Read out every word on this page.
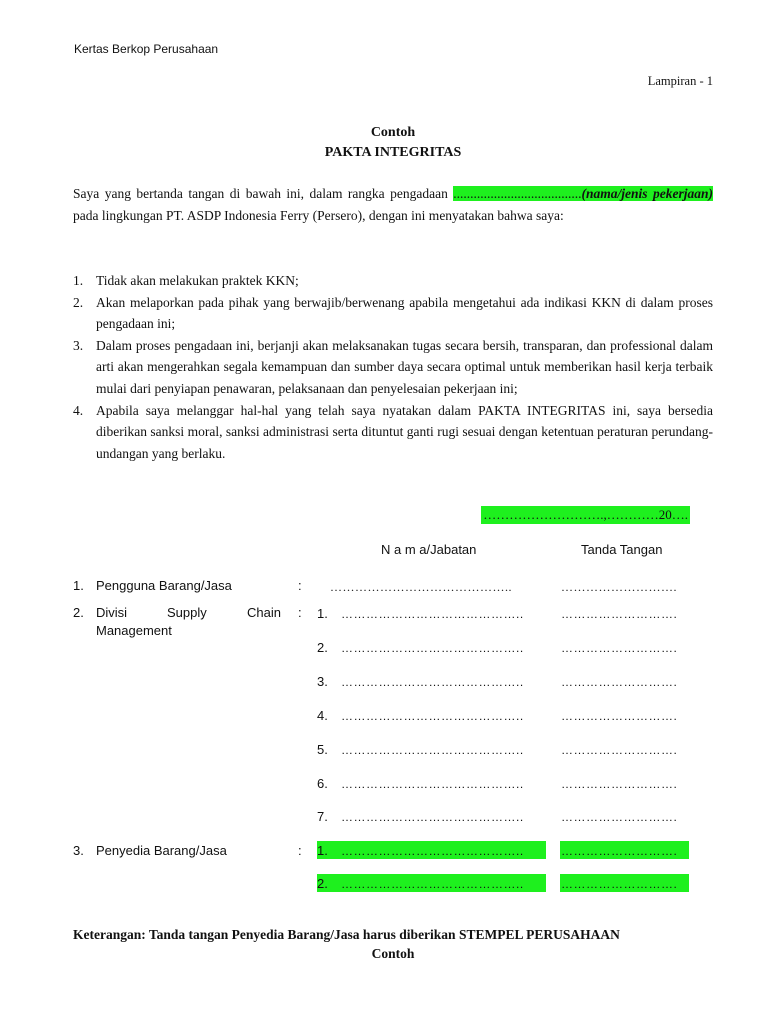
Kertas Berkop Perusahaan
Lampiran - 1
Contoh
PAKTA INTEGRITAS
Saya yang bertanda tangan di bawah ini, dalam rangka pengadaan ......................................(nama/jenis pekerjaan) pada lingkungan PT. ASDP Indonesia Ferry (Persero), dengan ini menyatakan bahwa saya:
1. Tidak akan melakukan praktek KKN;
2. Akan melaporkan pada pihak yang berwajib/berwenang apabila mengetahui ada indikasi KKN di dalam proses pengadaan ini;
3. Dalam proses pengadaan ini, berjanji akan melaksanakan tugas secara bersih, transparan, dan professional dalam arti akan mengerahkan segala kemampuan dan sumber daya secara optimal untuk memberikan hasil kerja terbaik mulai dari penyiapan penawaran, pelaksanaan dan penyelesaian pekerjaan ini;
4. Apabila saya melanggar hal-hal yang telah saya nyatakan dalam PAKTA INTEGRITAS ini, saya bersedia diberikan sanksi moral, sanksi administrasi serta dituntut ganti rugi sesuai dengan ketentuan peraturan perundang-undangan yang berlaku.
……………………….,…………20….
N a m a/Jabatan	Tanda Tangan
1. Pengguna Barang/Jasa	: ……………………………………..	……………………….
2. Divisi	Supply	Chain
Management
: 1. ……………………………………..	……………………….
2. ……………………………………..	……………………….
3. ……………………………………..	……………………….
4. ……………………………………..	……………………….
5. ……………………………………..	……………………….
6. ……………………………………..	……………………….
7. ……………………………………..	……………………….
3. Penyedia Barang/Jasa	: 1. ……………………………………..	……………………….
2. ……………………………………..	……………………….
Keterangan: Tanda tangan Penyedia Barang/Jasa harus diberikan STEMPEL PERUSAHAAN
Contoh
